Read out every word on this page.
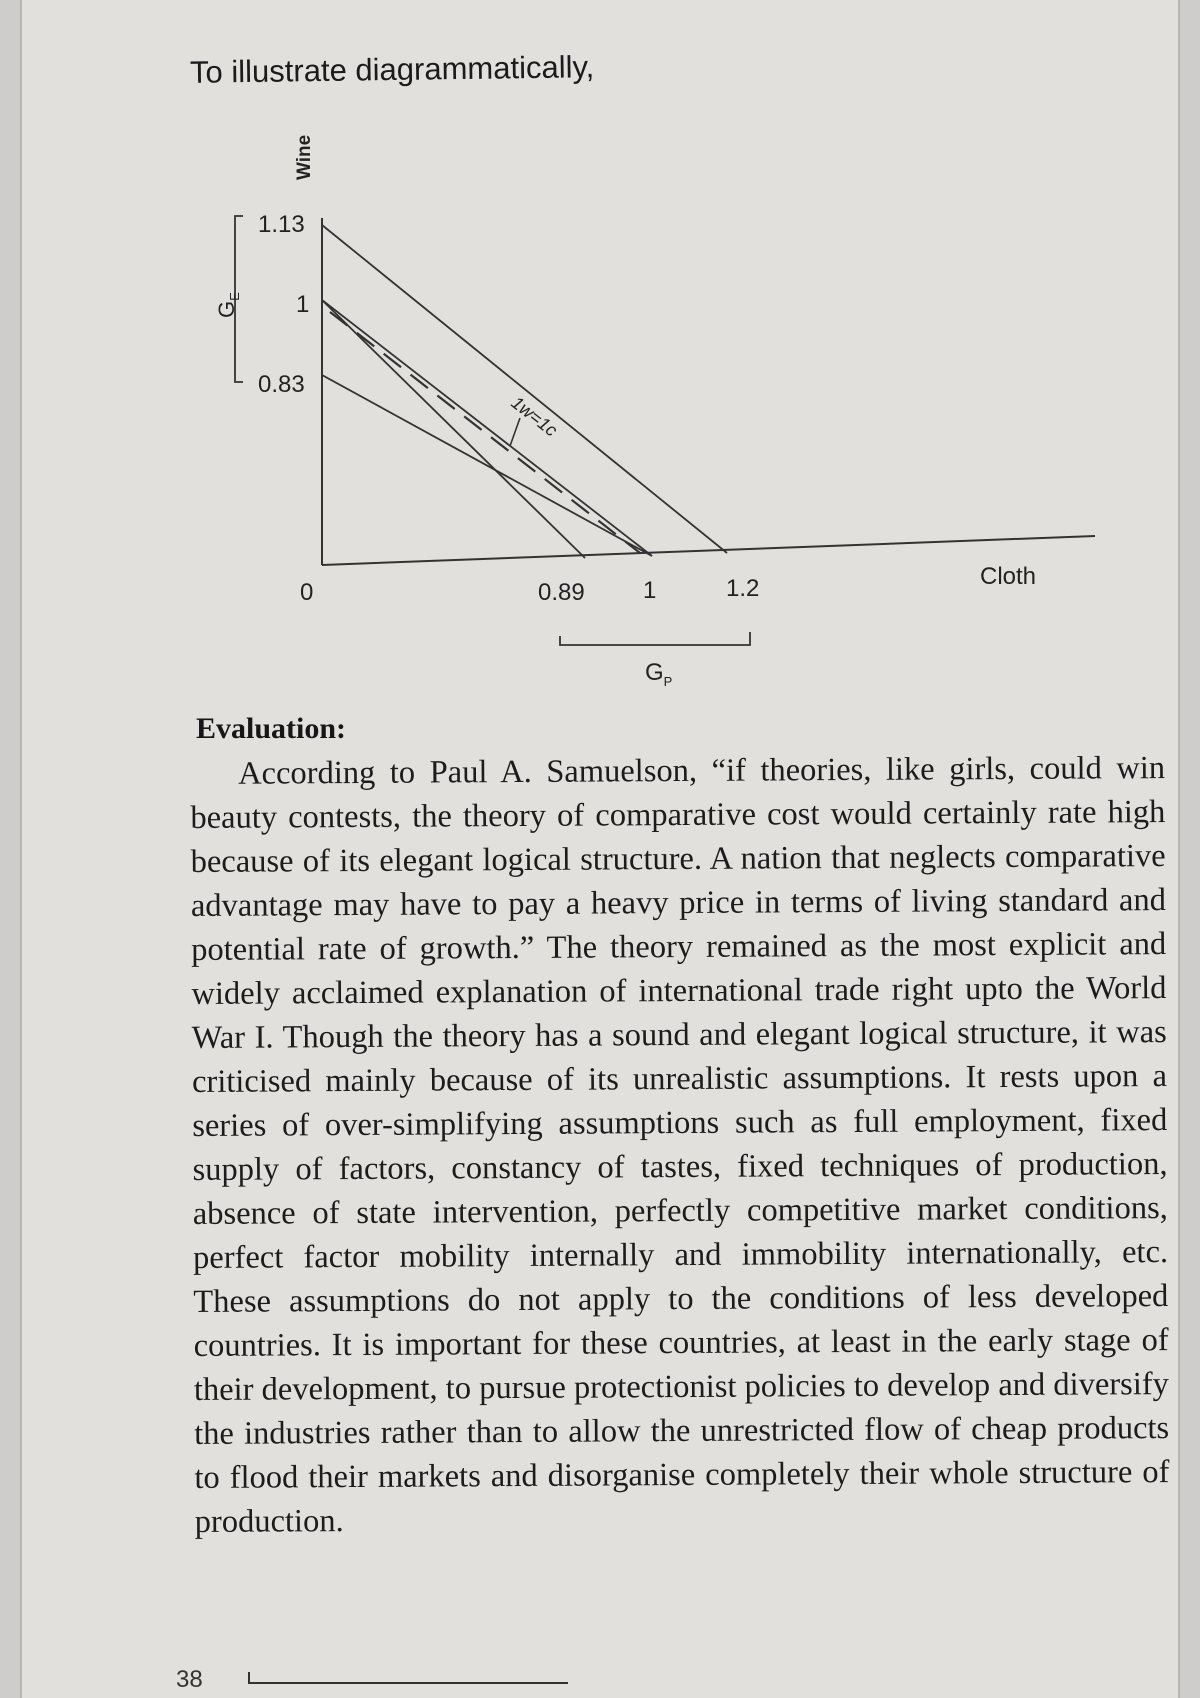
To illustrate diagrammatically,
1w=1c
Wine
1.13
1
0.83
$G_E$
0	0.89 1	1.2	Cloth
$G_P$
Evaluation:
According to Paul A. Samuelson, “if theories, like girls, could win beauty contests, the theory of comparative cost would certainly rate high because of its elegant logical structure. A nation that neglects comparative advantage may have to pay a heavy price in terms of living standard and potential rate of growth.” The theory remained as the most explicit and widely acclaimed explanation of international trade right upto the World War I. Though the theory has a sound and elegant logical structure, it was criticised mainly because of its unrealistic assumptions. It rests upon a series of over-simplifying assumptions such as full employment, fixed supply of factors, constancy of tastes, fixed techniques of production, absence of state intervention, perfectly competitive market conditions, perfect factor mobility internally and immobility internationally, etc. These assumptions do not apply to the conditions of less developed countries. It is important for these countries, at least in the early stage of their development, to pursue protectionist policies to develop and diversify the industries rather than to allow the unrestricted flow of cheap products to flood their markets and disorganise completely their whole structure of production.
38
